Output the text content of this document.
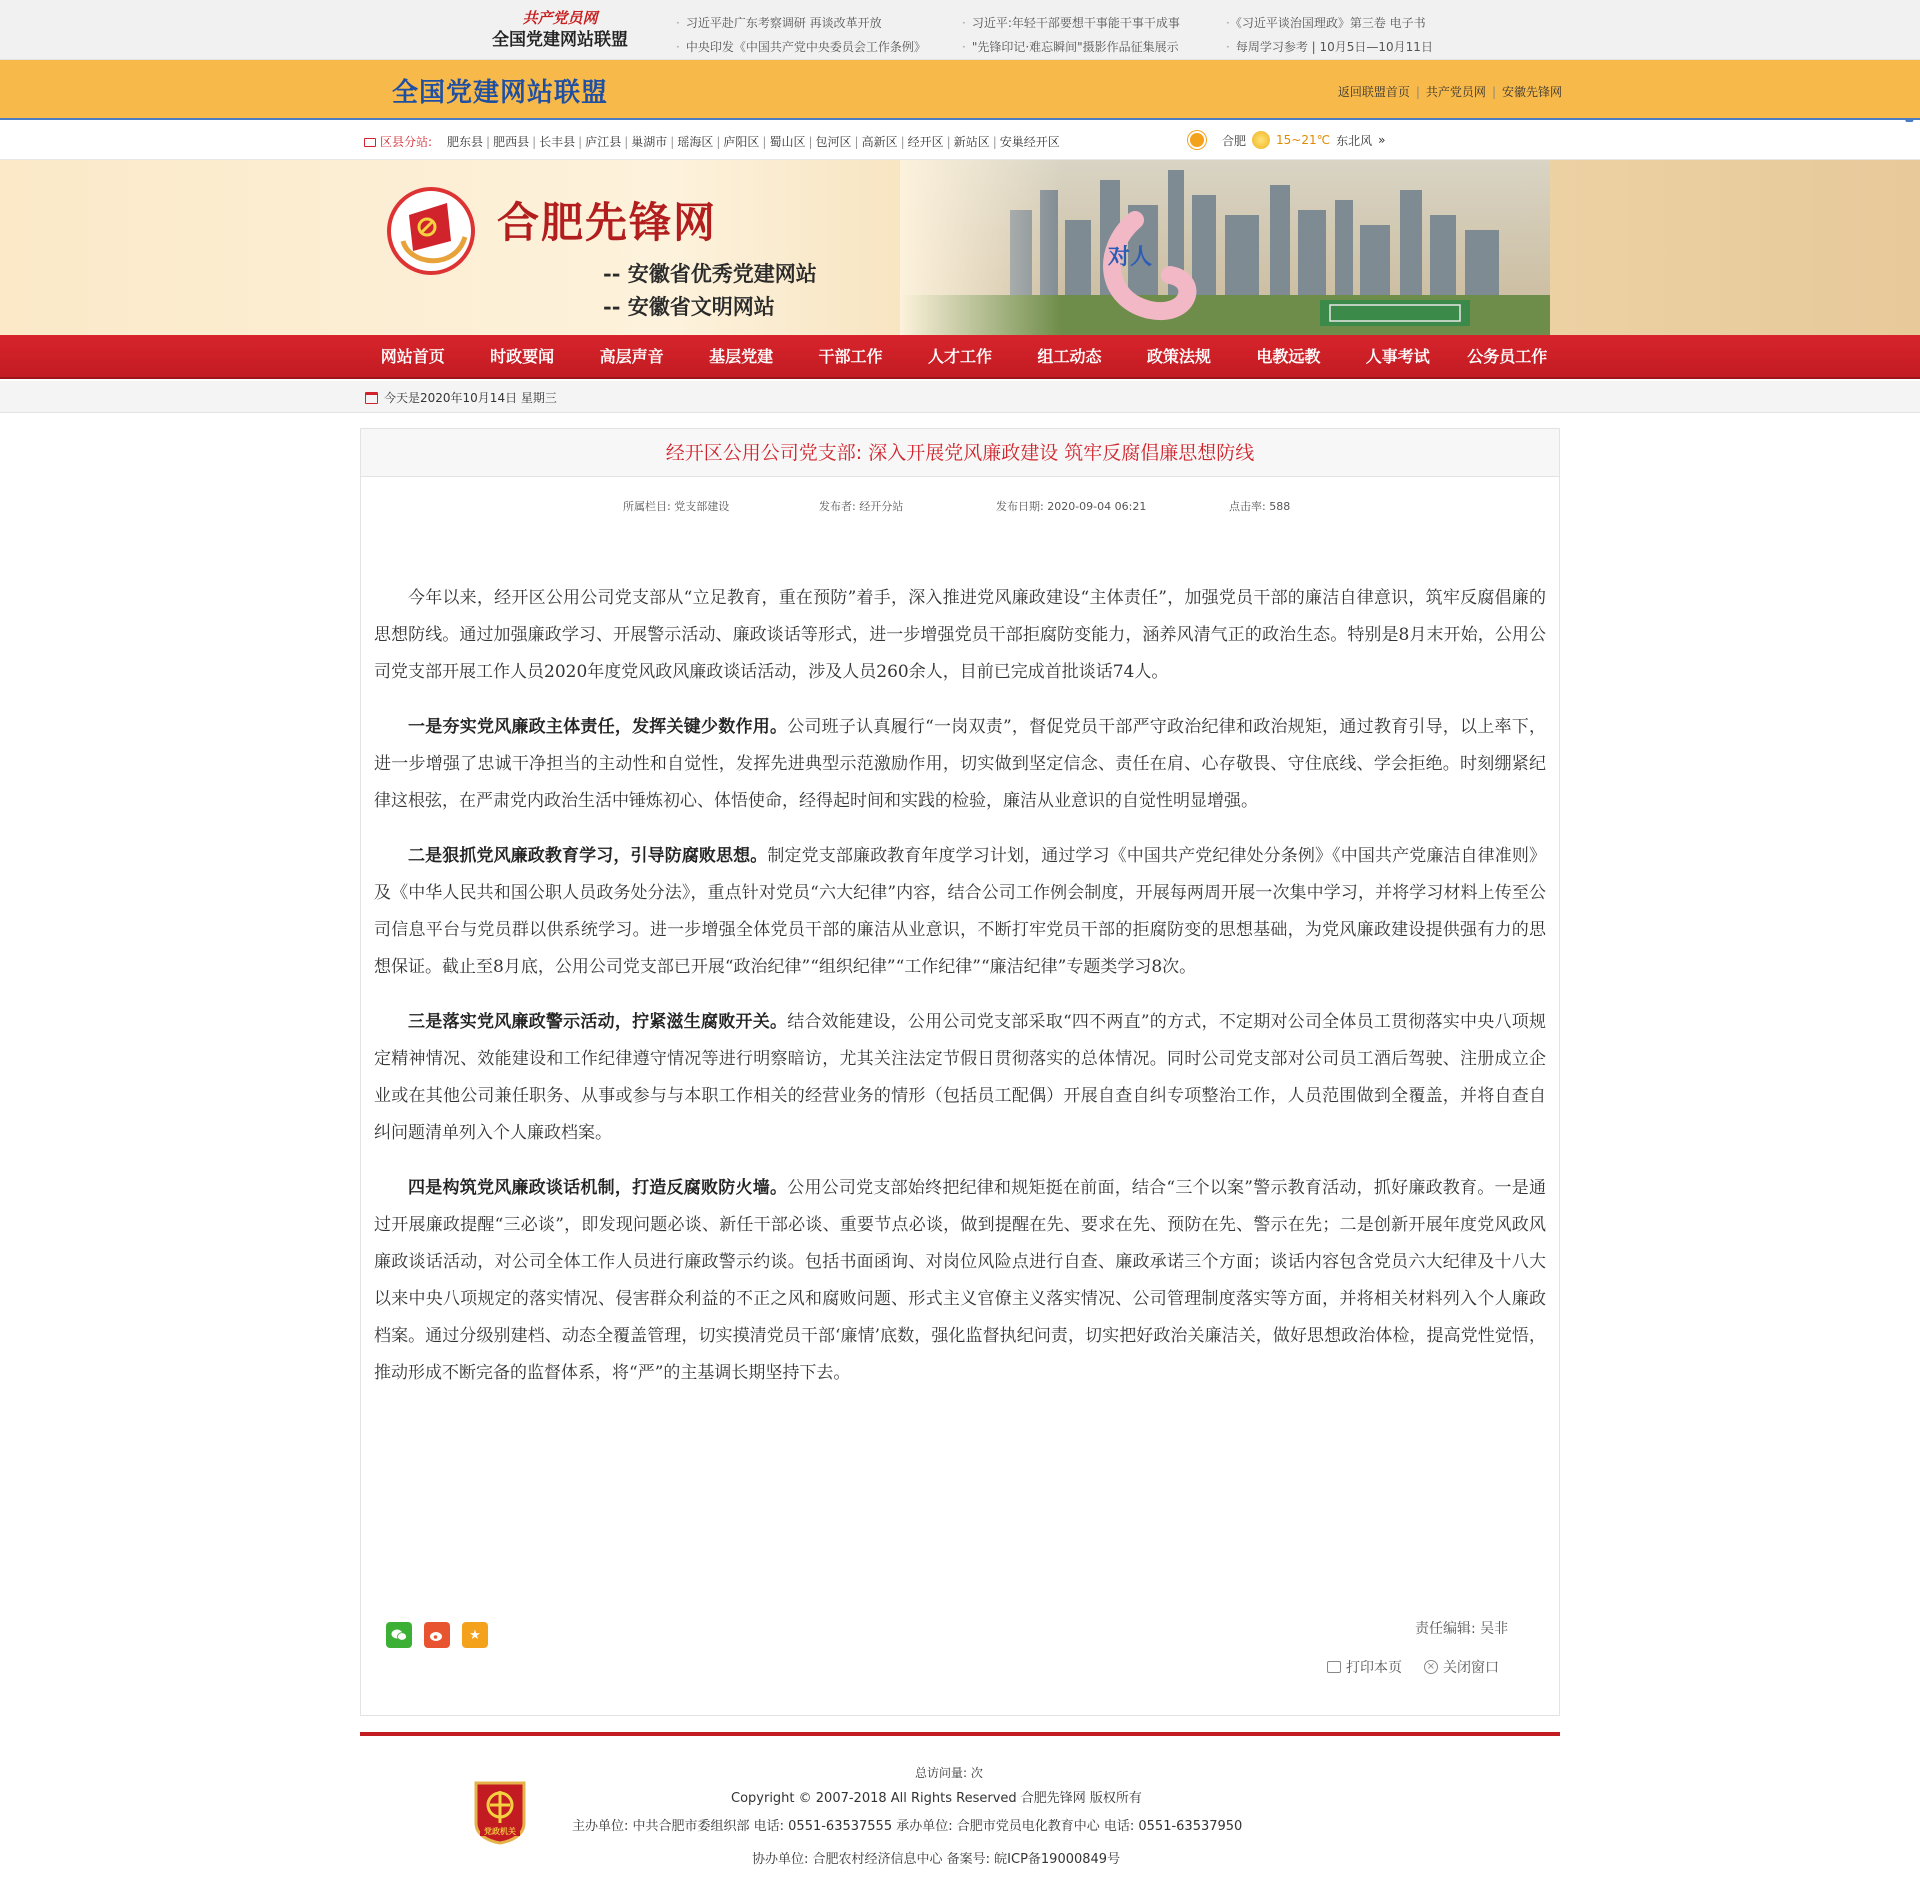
共产党员网
全国党建网站联盟
· 习近平赴广东考察调研 再谈改革开放	· 习近平:年轻干部要想干事能干事干成事	· 《习近平谈治国理政》第三卷 电子书
· 中央印发《中国共产党中央委员会工作条例》	· "先锋印记·难忘瞬间"摄影作品征集展示	· 每周学习参考 | 10月5日—10月11日
全国党建网站联盟	返回联盟首页 | 共产党员网 | 安徽先锋网
区县分站: 肥东县 | 肥西县 | 长丰县 | 庐江县 | 巢湖市 | 瑶海区 | 庐阳区 | 蜀山区 | 包河区 | 高新区 | 经开区 | 新站区 | 安巢经开区	合肥	15~21℃ 东北风 »
合肥先锋网
-- 安徽省优秀党建网站
-- 安徽省文明网站
对人
网站首页	时政要闻	高层声音	基层党建	干部工作	人才工作	组工动态	政策法规	电教远教	人事考试	公务员工作
今天是2020年10月14日 星期三
经开区公用公司党支部: 深入开展党风廉政建设 筑牢反腐倡廉思想防线
所属栏目: 党支部建设	发布者: 经开分站	发布日期: 2020-09-04 06:21	点击率: 588

今年以来，经开区公用公司党支部从“立足教育，重在预防”着手，深入推进党风廉政建设“主体责任”，加强党员干部的廉洁自律意识，筑牢反腐倡廉的思想防线。通过加强廉政学习、开展警示活动、廉政谈话等形式，进一步增强党员干部拒腐防变能力，涵养风清气正的政治生态。特别是8月末开始，公用公司党支部开展工作人员2020年度党风政风廉政谈话活动，涉及人员260余人，目前已完成首批谈话74人。

一是夯实党风廉政主体责任，发挥关键少数作用。公司班子认真履行“一岗双责”，督促党员干部严守政治纪律和政治规矩，通过教育引导，以上率下，进一步增强了忠诚干净担当的主动性和自觉性，发挥先进典型示范激励作用，切实做到坚定信念、责任在肩、心存敬畏、守住底线、学会拒绝。时刻绷紧纪律这根弦，在严肃党内政治生活中锤炼初心、体悟使命，经得起时间和实践的检验，廉洁从业意识的自觉性明显增强。

二是狠抓党风廉政教育学习，引导防腐败思想。制定党支部廉政教育年度学习计划，通过学习《中国共产党纪律处分条例》《中国共产党廉洁自律准则》及《中华人民共和国公职人员政务处分法》，重点针对党员“六大纪律”内容，结合公司工作例会制度，开展每两周开展一次集中学习，并将学习材料上传至公司信息平台与党员群以供系统学习。进一步增强全体党员干部的廉洁从业意识，不断打牢党员干部的拒腐防变的思想基础，为党风廉政建设提供强有力的思想保证。截止至8月底，公用公司党支部已开展“政治纪律”“组织纪律”“工作纪律”“廉洁纪律”专题类学习8次。

三是落实党风廉政警示活动，拧紧滋生腐败开关。结合效能建设，公用公司党支部采取“四不两直”的方式，不定期对公司全体员工贯彻落实中央八项规定精神情况、效能建设和工作纪律遵守情况等进行明察暗访，尤其关注法定节假日贯彻落实的总体情况。同时公司党支部对公司员工酒后驾驶、注册成立企业或在其他公司兼任职务、从事或参与与本职工作相关的经营业务的情形（包括员工配偶）开展自查自纠专项整治工作，人员范围做到全覆盖，并将自查自纠问题清单列入个人廉政档案。

四是构筑党风廉政谈话机制，打造反腐败防火墙。公用公司党支部始终把纪律和规矩挺在前面，结合“三个以案”警示教育活动，抓好廉政教育。一是通过开展廉政提醒“三必谈”，即发现问题必谈、新任干部必谈、重要节点必谈，做到提醒在先、要求在先、预防在先、警示在先；二是创新开展年度党风政风廉政谈话活动，对公司全体工作人员进行廉政警示约谈。包括书面函询、对岗位风险点进行自查、廉政承诺三个方面；谈话内容包含党员六大纪律及十八大以来中央八项规定的落实情况、侵害群众利益的不正之风和腐败问题、形式主义官僚主义落实情况、公司管理制度落实等方面，并将相关材料列入个人廉政档案。通过分级别建档、动态全覆盖管理，切实摸清党员干部‘廉情’底数，强化监督执纪问责，切实把好政治关廉洁关，做好思想政治体检，提高党性觉悟，推动形成不断完备的监督体系，将“严”的主基调长期坚持下去。

★	责任编辑: 吴非
打印本页 × 关闭窗口
党政机关
总访问量: 次
Copyright © 2007-2018 All Rights Reserved 合肥先锋网 版权所有
主办单位: 中共合肥市委组织部 电话: 0551-63537555 承办单位: 合肥市党员电化教育中心 电话: 0551-63537950
协办单位: 合肥农村经济信息中心 备案号: 皖ICP备19000849号
